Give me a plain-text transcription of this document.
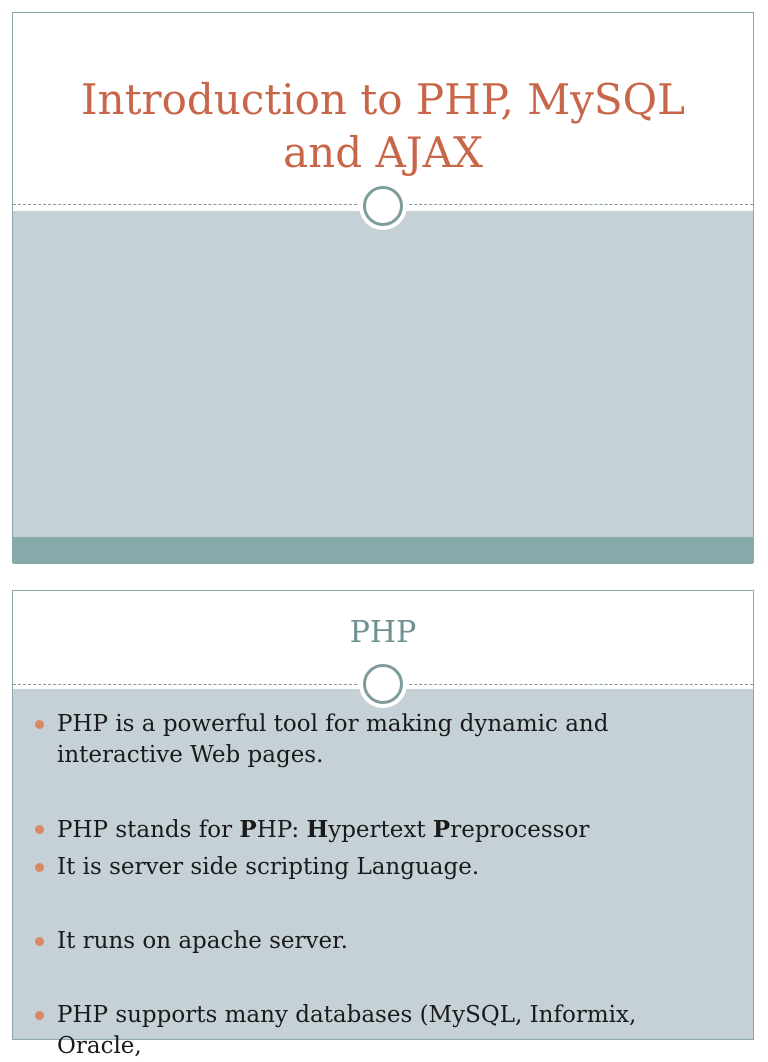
Introduction to PHP, MySQL
and AJAX
PHP
PHP is a powerful tool for making dynamic and interactive Web pages.
PHP stands for PHP: Hypertext Preprocessor
It is server side scripting Language.
It runs on apache server.
PHP supports many databases (MySQL, Informix, Oracle,
